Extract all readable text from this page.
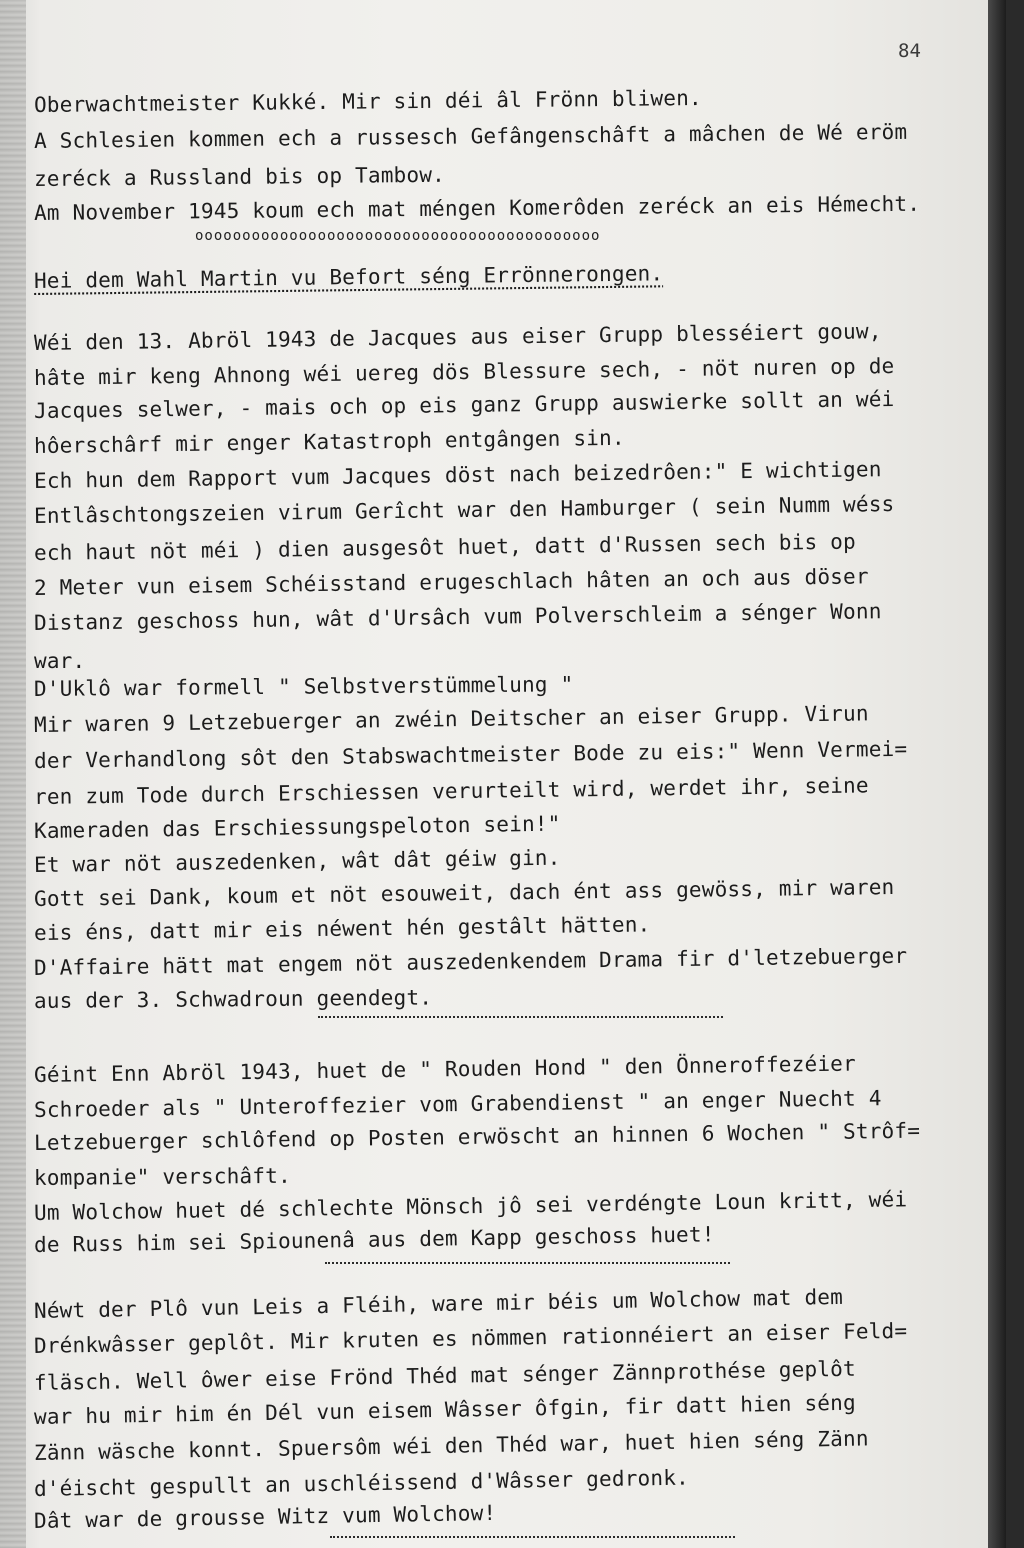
84
Oberwachtmeister Kukké. Mir sin déi âl Frönn bliwen.
A Schlesien kommen ech a russesch Gefângenschâft a mâchen de Wé eröm
zeréck a Russland bis op Tambow.
Am November 1945 koum ech mat méngen Komerôden zeréck an eis Hémecht.
ooooooooooooooooooooooooooooooooooooooooooo
Hei dem Wahl Martin vu Befort séng Errönnerongen.
Wéi den 13. Abröl 1943 de Jacques aus eiser Grupp blesséiert gouw,
hâte mir keng Ahnong wéi uereg dös Blessure sech, - nöt nuren op de
Jacques selwer, - mais och op eis ganz Grupp auswierke sollt an wéi
hôerschârf mir enger Katastroph entgângen sin.
Ech hun dem Rapport vum Jacques döst nach beizedrôen:" E wichtigen
Entlâschtongszeien virum Gerîcht war den Hamburger ( sein Numm wéss
ech haut nöt méi ) dien ausgesôt huet, datt d'Russen sech bis op
2 Meter vun eisem Schéisstand erugeschlach hâten an och aus döser
Distanz geschoss hun, wât d'Ursâch vum Polverschleim a sénger Wonn
war.
D'Uklô war formell " Selbstverstümmelung "
Mir waren 9 Letzebuerger an zwéin Deitscher an eiser Grupp. Virun
der Verhandlong sôt den Stabswachtmeister Bode zu eis:" Wenn Vermei=
ren zum Tode durch Erschiessen verurteilt wird, werdet ihr, seine
Kameraden das Erschiessungspeloton sein!"
Et war nöt auszedenken, wât dât géiw gin.
Gott sei Dank, koum et nöt esouweit, dach ént ass gewöss, mir waren
eis éns, datt mir eis néwent hén gestâlt hätten.
D'Affaire hätt mat engem nöt auszedenkendem Drama fir d'letzebuerger
aus der 3. Schwadroun geendegt.
Géint Enn Abröl 1943, huet de " Rouden Hond " den Önneroffezéier
Schroeder als " Unteroffezier vom Grabendienst " an enger Nuecht 4
Letzebuerger schlôfend op Posten erwöscht an hinnen 6 Wochen " Strôf=
kompanie" verschâft.
Um Wolchow huet dé schlechte Mönsch jô sei verdéngte Loun kritt, wéi
de Russ him sei Spiounenâ aus dem Kapp geschoss huet!
Néwt der Plô vun Leis a Fléih, ware mir béis um Wolchow mat dem
Drénkwâsser geplôt. Mir kruten es nömmen rationnéiert an eiser Feld=
fläsch. Well ôwer eise Frönd Théd mat sénger Zännprothése geplôt
war hu mir him én Dél vun eisem Wâsser ôfgin, fir datt hien séng
Zänn wäsche konnt. Spuersôm wéi den Théd war, huet hien séng Zänn
d'éischt gespullt an uschléissend d'Wâsser gedronk.
Dât war de grousse Witz vum Wolchow!
